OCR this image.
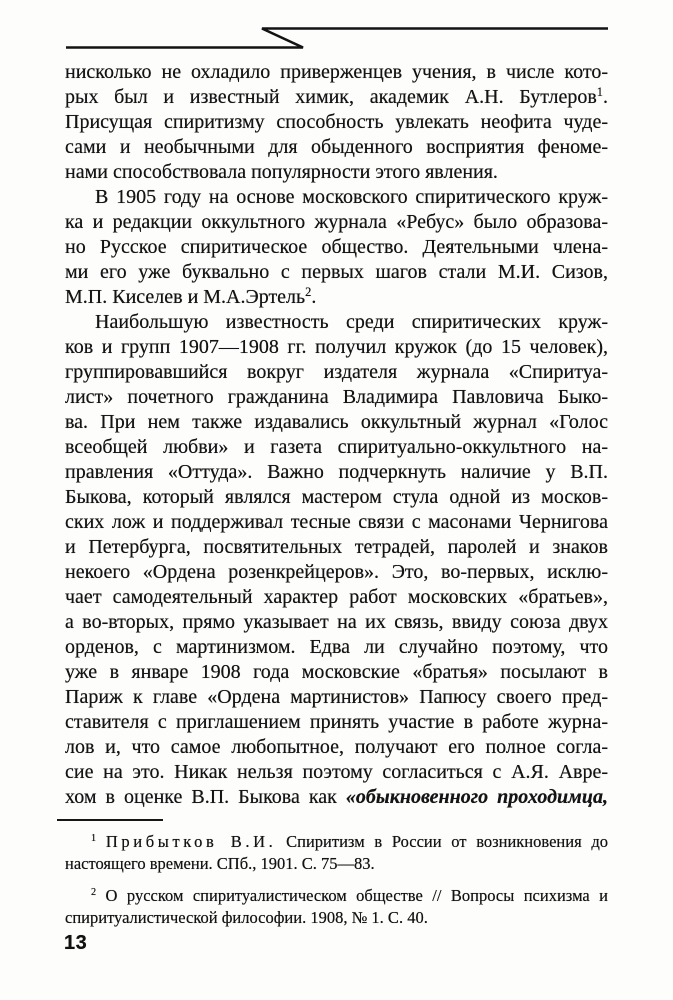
нисколько не охладило приверженцев учения, в числе кото-
рых был и известный химик, академик А.Н. Бутлеров$^1$.
Присущая спиритизму способность увлекать неофита чуде-
сами и необычными для обыденного восприятия феноме-
нами способствовала популярности этого явления.
В 1905 году на основе московского спиритического круж-
ка и редакции оккультного журнала «Ребус» было образова-
но Русское спиритическое общество. Деятельными члена-
ми его уже буквально с первых шагов стали М.И. Сизов,
М.П. Киселев и М.А.Эртель$^2$.
Наибольшую известность среди спиритических круж-
ков и групп 1907—1908 гг. получил кружок (до 15 человек),
группировавшийся вокруг издателя журнала «Спиритуа-
лист» почетного гражданина Владимира Павловича Быко-
ва. При нем также издавались оккультный журнал «Голос
всеобщей любви» и газета спиритуально-оккультного на-
правления «Оттуда». Важно подчеркнуть наличие у В.П.
Быкова, который являлся мастером стула одной из москов-
ских лож и поддерживал тесные связи с масонами Чернигова
и Петербурга, посвятительных тетрадей, паролей и знаков
некоего «Ордена розенкрейцеров». Это, во-первых, исклю-
чает самодеятельный характер работ московских «братьев»,
а во-вторых, прямо указывает на их связь, ввиду союза двух
орденов, с мартинизмом. Едва ли случайно поэтому, что
уже в январе 1908 года московские «братья» посылают в
Париж к главе «Ордена мартинистов» Папюсу своего пред-
ставителя с приглашением принять участие в работе журна-
лов и, что самое любопытное, получают его полное согла-
сие на это. Никак нельзя поэтому согласиться с А.Я. Авре-
хом в оценке В.П. Быкова как «обыкновенного проходимца,
$^1$ Прибытков В.И. Спиритизм в России от возникновения до
настоящего времени. СПб., 1901. С. 75—83.
$^2$ О русском спиритуалистическом обществе // Вопросы психизма и
спиритуалистической философии. 1908, № 1. С. 40.
13
